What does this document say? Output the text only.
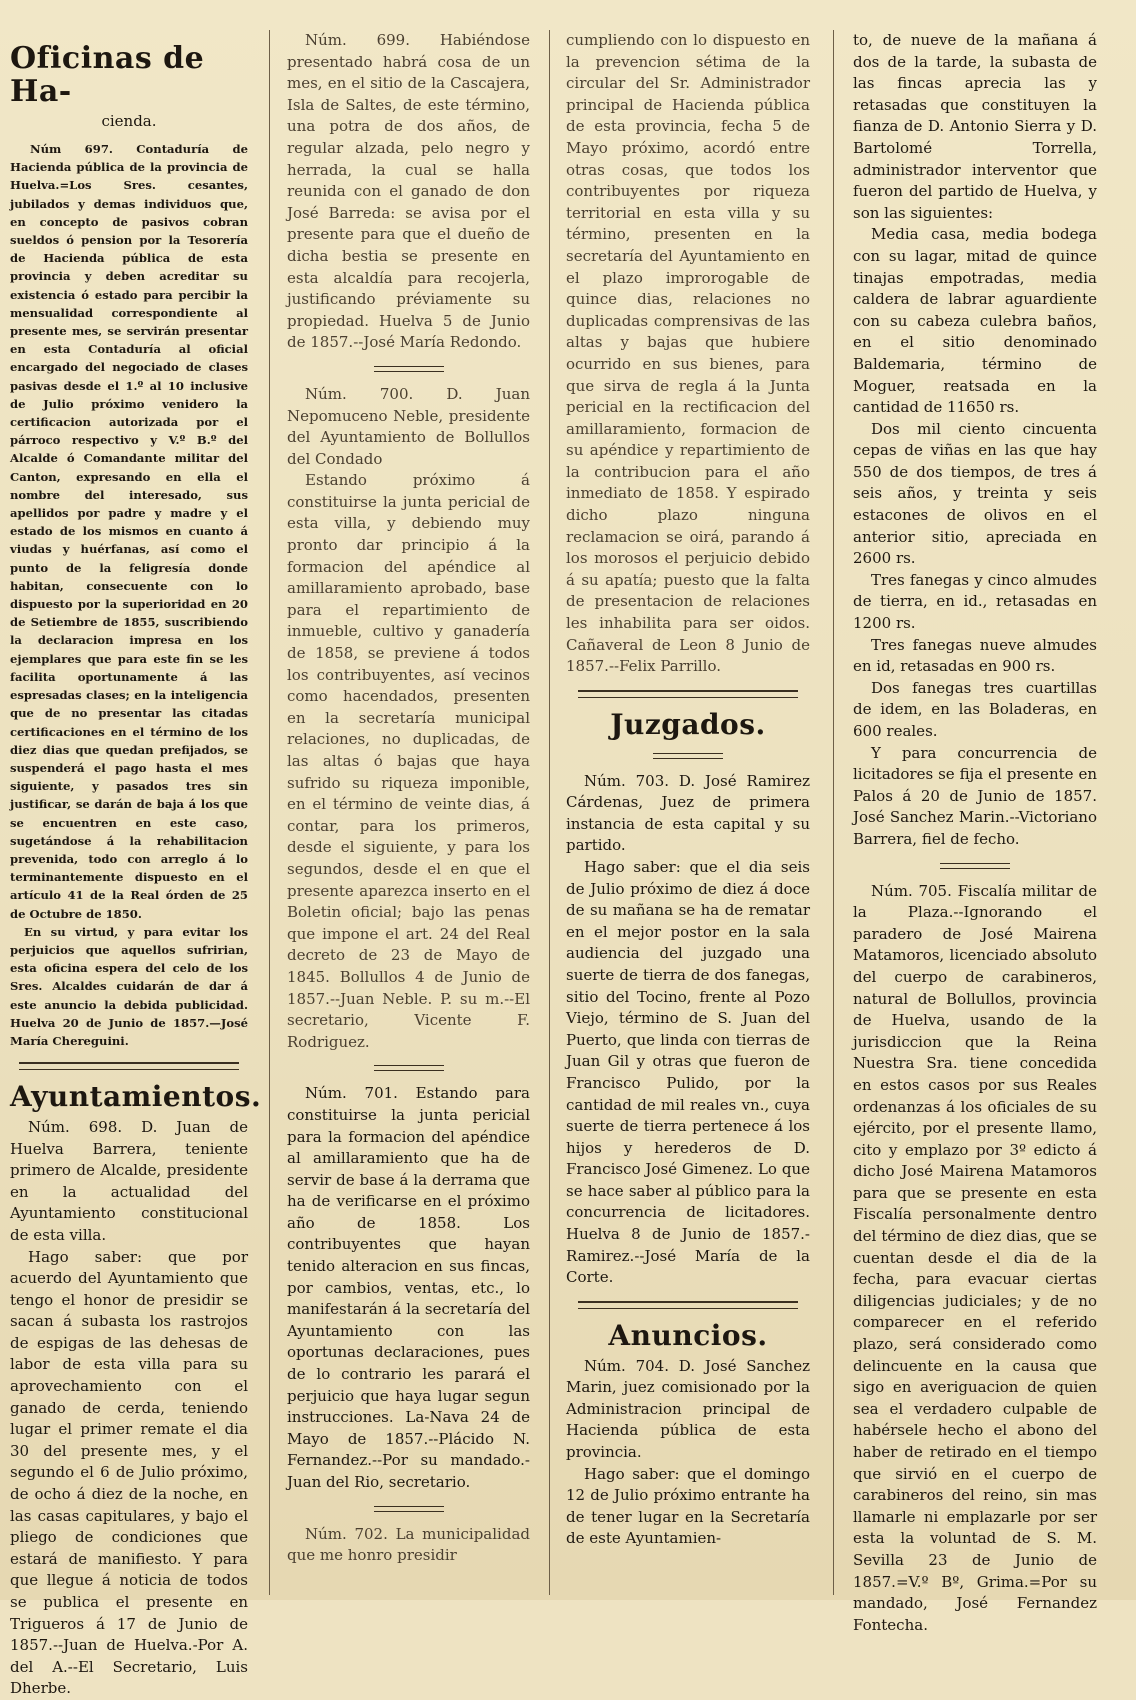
Oficinas de Ha-
cienda.

Núm 697. Contaduría de Hacienda pública de la provincia de Huelva.=Los Sres. cesantes, jubilados y demas individuos que, en concepto de pasivos cobran sueldos ó pension por la Tesorería de Hacienda pública de esta provincia y deben acreditar su existencia ó estado para percibir la mensualidad correspondiente al presente mes, se servirán presentar en esta Contaduría al oficial encargado del negociado de clases pasivas desde el 1.º al 10 inclusive de Julio próximo venidero la certificacion autorizada por el párroco respectivo y V.º B.º del Alcalde ó Comandante militar del Canton, expresando en ella el nombre del interesado, sus apellidos por padre y madre y el estado de los mismos en cuanto á viudas y huérfanas, así como el punto de la feligresía donde habitan, consecuente con lo dispuesto por la superioridad en 20 de Setiembre de 1855, suscribiendo la declaracion impresa en los ejemplares que para este fin se les facilita oportunamente á las espresadas clases; en la inteligencia que de no presentar las citadas certificaciones en el término de los diez dias que quedan prefijados, se suspenderá el pago hasta el mes siguiente, y pasados tres sin justificar, se darán de baja á los que se encuentren en este caso, sugetándose á la rehabilitacion prevenida, todo con arreglo á lo terminantemente dispuesto en el artículo 41 de la Real órden de 25 de Octubre de 1850.

En su virtud, y para evitar los perjuicios que aquellos sufririan, esta oficina espera del celo de los Sres. Alcaldes cuidarán de dar á este anuncio la debida publicidad. Huelva 20 de Junio de 1857.—José María Chereguini.

Ayuntamientos.

Núm. 698. D. Juan de Huelva Barrera, teniente primero de Alcalde, presidente en la actualidad del Ayuntamiento constitucional de esta villa.

Hago saber: que por acuerdo del Ayuntamiento que tengo el honor de presidir se sacan á subasta los rastrojos de espigas de las dehesas de labor de esta villa para su aprovechamiento con el ganado de cerda, teniendo lugar el primer remate el dia 30 del presente mes, y el segundo el 6 de Julio próximo, de ocho á diez de la noche, en las casas capitulares, y bajo el pliego de condiciones que estará de manifiesto. Y para que llegue á noticia de todos se publica el presente en Trigueros á 17 de Junio de 1857.--Juan de Huelva.-Por A. del A.--El Secretario, Luis Dherbe.

Núm. 699. Habiéndose presentado habrá cosa de un mes, en el sitio de la Cascajera, Isla de Saltes, de este término, una potra de dos años, de regular alzada, pelo negro y herrada, la cual se halla reunida con el ganado de don José Barreda: se avisa por el presente para que el dueño de dicha bestia se presente en esta alcaldía para recojerla, justificando préviamente su propiedad. Huelva 5 de Junio de 1857.--José María Redondo.

Núm. 700. D. Juan Nepomuceno Neble, presidente del Ayuntamiento de Bollullos del Condado

Estando próximo á constituirse la junta pericial de esta villa, y debiendo muy pronto dar principio á la formacion del apéndice al amillaramiento aprobado, base para el repartimiento de inmueble, cultivo y ganadería de 1858, se previene á todos los contribuyentes, así vecinos como hacendados, presenten en la secretaría municipal relaciones, no duplicadas, de las altas ó bajas que haya sufrido su riqueza imponible, en el término de veinte dias, á contar, para los primeros, desde el siguiente, y para los segundos, desde el en que el presente aparezca inserto en el Boletin oficial; bajo las penas que impone el art. 24 del Real decreto de 23 de Mayo de 1845. Bollullos 4 de Junio de 1857.--Juan Neble. P. su m.--El secretario, Vicente F. Rodriguez.

Núm. 701. Estando para constituirse la junta pericial para la formacion del apéndice al amillaramiento que ha de servir de base á la derrama que ha de verificarse en el próximo año de 1858. Los contribuyentes que hayan tenido alteracion en sus fincas, por cambios, ventas, etc., lo manifestarán á la secretaría del Ayuntamiento con las oportunas declaraciones, pues de lo contrario les parará el perjuicio que haya lugar segun instrucciones. La-Nava 24 de Mayo de 1857.--Plácido N. Fernandez.--Por su mandado.-Juan del Rio, secretario.

Núm. 702. La municipalidad que me honro presidir

cumpliendo con lo dispuesto en la prevencion sétima de la circular del Sr. Administrador principal de Hacienda pública de esta provincia, fecha 5 de Mayo próximo, acordó entre otras cosas, que todos los contribuyentes por riqueza territorial en esta villa y su término, presenten en la secretaría del Ayuntamiento en el plazo improrogable de quince dias, relaciones no duplicadas comprensivas de las altas y bajas que hubiere ocurrido en sus bienes, para que sirva de regla á la Junta pericial en la rectificacion del amillaramiento, formacion de su apéndice y repartimiento de la contribucion para el año inmediato de 1858. Y espirado dicho plazo ninguna reclamacion se oirá, parando á los morosos el perjuicio debido á su apatía; puesto que la falta de presentacion de relaciones les inhabilita para ser oidos. Cañaveral de Leon 8 Junio de 1857.--Felix Parrillo.

Juzgados.

Núm. 703. D. José Ramirez Cárdenas, Juez de primera instancia de esta capital y su partido.

Hago saber: que el dia seis de Julio próximo de diez á doce de su mañana se ha de rematar en el mejor postor en la sala audiencia del juzgado una suerte de tierra de dos fanegas, sitio del Tocino, frente al Pozo Viejo, término de S. Juan del Puerto, que linda con tierras de Juan Gil y otras que fueron de Francisco Pulido, por la cantidad de mil reales vn., cuya suerte de tierra pertenece á los hijos y herederos de D. Francisco José Gimenez. Lo que se hace saber al público para la concurrencia de licitadores. Huelva 8 de Junio de 1857.- Ramirez.--José María de la Corte.

Anuncios.

Núm. 704. D. José Sanchez Marin, juez comisionado por la Administracion principal de Hacienda pública de esta provincia.

Hago saber: que el domingo 12 de Julio próximo entrante ha de tener lugar en la Secretaría de este Ayuntamien-

to, de nueve de la mañana á dos de la tarde, la subasta de las fincas aprecia las y retasadas que constituyen la fianza de D. Antonio Sierra y D. Bartolomé Torrella, administrador interventor que fueron del partido de Huelva, y son las siguientes:

Media casa, media bodega con su lagar, mitad de quince tinajas empotradas, media caldera de labrar aguardiente con su cabeza culebra baños, en el sitio denominado Baldemaria, término de Moguer, reatsada en la cantidad de 11650 rs.

Dos mil ciento cincuenta cepas de viñas en las que hay 550 de dos tiempos, de tres á seis años, y treinta y seis estacones de olivos en el anterior sitio, apreciada en 2600 rs.

Tres fanegas y cinco almudes de tierra, en id., retasadas en 1200 rs.

Tres fanegas nueve almudes en id, retasadas en 900 rs.

Dos fanegas tres cuartillas de idem, en las Boladeras, en 600 reales.

Y para concurrencia de licitadores se fija el presente en Palos á 20 de Junio de 1857. José Sanchez Marin.--Victoriano Barrera, fiel de fecho.

Núm. 705. Fiscalía militar de la Plaza.--Ignorando el paradero de José Mairena Matamoros, licenciado absoluto del cuerpo de carabineros, natural de Bollullos, provincia de Huelva, usando de la jurisdiccion que la Reina Nuestra Sra. tiene concedida en estos casos por sus Reales ordenanzas á los oficiales de su ejército, por el presente llamo, cito y emplazo por 3º edicto á dicho José Mairena Matamoros para que se presente en esta Fiscalía personalmente dentro del término de diez dias, que se cuentan desde el dia de la fecha, para evacuar ciertas diligencias judiciales; y de no comparecer en el referido plazo, será considerado como delincuente en la causa que sigo en averiguacion de quien sea el verdadero culpable de habérsele hecho el abono del haber de retirado en el tiempo que sirvió en el cuerpo de carabineros del reino, sin mas llamarle ni emplazarle por ser esta la voluntad de S. M. Sevilla 23 de Junio de 1857.=V.º Bº, Grima.=Por su mandado, José Fernandez Fontecha.
